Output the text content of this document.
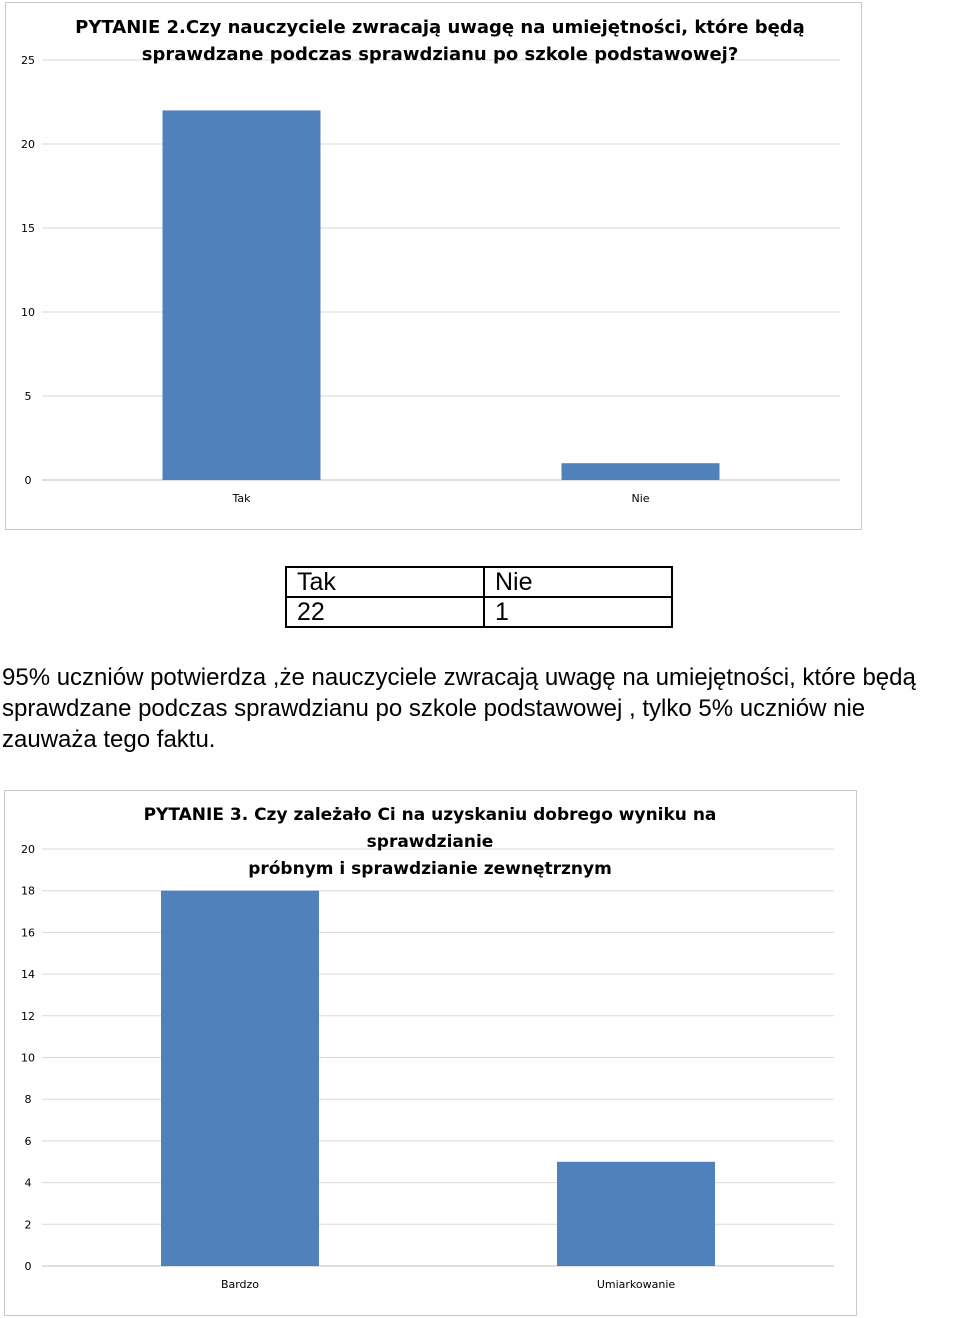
0
5
10
15
20
25
Tak	Nie
PYTANIE 2.Czy nauczyciele zwracają uwagę na umiejętności, które będą
sprawdzane podczas sprawdzianu po szkole podstawowej?
Tak	Nie
22	1
95% uczniów potwierdza ,że nauczyciele zwracają uwagę na umiejętności, które będą sprawdzane podczas sprawdzianu po szkole podstawowej , tylko 5% uczniów nie zauważa tego faktu.
0
2
4
6
8
10
12
14
16
18
20
Bardzo	Umiarkowanie
PYTANIE 3. Czy zależało Ci na uzyskaniu dobrego wyniku na sprawdzianie
próbnym i sprawdzianie zewnętrznym
